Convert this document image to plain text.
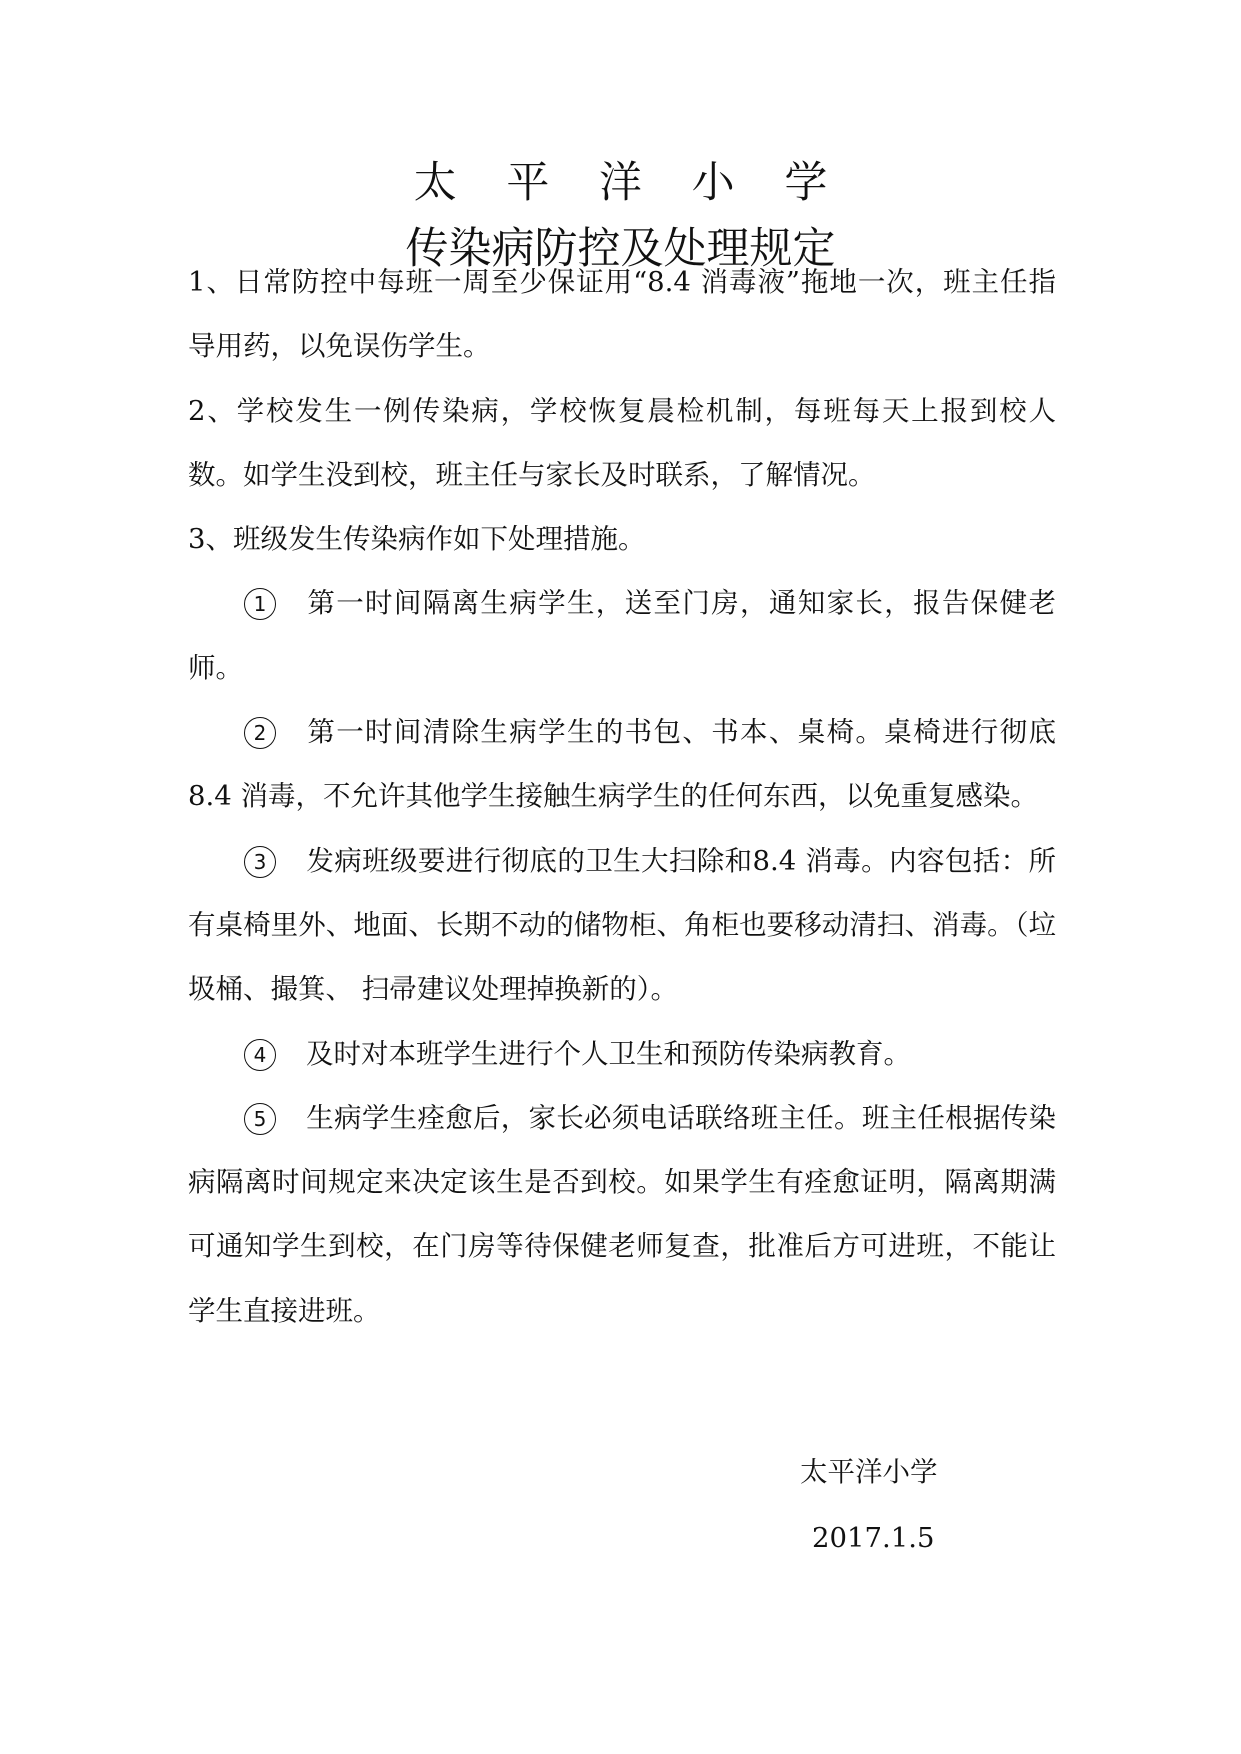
太 平 洋 小 学
传染病防控及处理规定

1、日常防控中每班一周至少保证用“8.4 消毒液”拖地一次，班主任指导用药，以免误伤学生。

2、学校发生一例传染病，学校恢复晨检机制，每班每天上报到校人数。如学生没到校，班主任与家长及时联系，了解情况。

3、班级发生传染病作如下处理措施。

1 第一时间隔离生病学生，送至门房，通知家长，报告保健老师。

2 第一时间清除生病学生的书包、书本、桌椅。桌椅进行彻底8.4 消毒，不允许其他学生接触生病学生的任何东西，以免重复感染。

3 发病班级要进行彻底的卫生大扫除和8.4 消毒。内容包括：所有桌椅里外、地面、长期不动的储物柜、角柜也要移动清扫、消毒。（垃圾桶、撮箕、 扫帚建议处理掉换新的）。

4 及时对本班学生进行个人卫生和预防传染病教育。

5 生病学生痊愈后，家长必须电话联络班主任。班主任根据传染病隔离时间规定来决定该生是否到校。如果学生有痊愈证明，隔离期满可通知学生到校，在门房等待保健老师复查，批准后方可进班，不能让学生直接进班。

太平洋小学
2017.1.5
